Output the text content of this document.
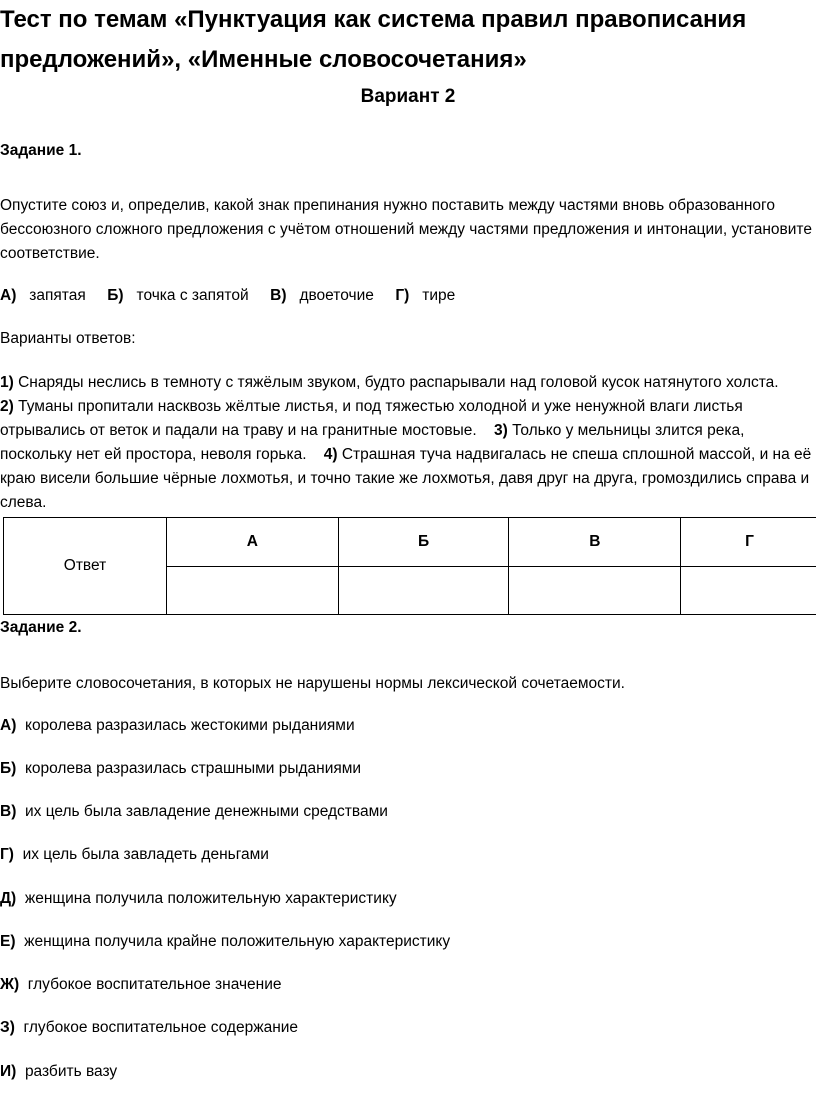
Тест по темам «Пунктуация как система правил правописания предложений», «Именные словосочетания»
Вариант 2
Задание 1.
Опустите союз и, определив, какой знак препинания нужно поставить между частями вновь образованного бессоюзного сложного предложения с учётом отношений между частями предложения и интонации, установите соответствие.
А) запятая Б) точка с запятой В) двоеточие Г) тире
Варианты ответов:
1) Снаряды неслись в темноту с тяжёлым звуком, будто распарывали над головой кусок натянутого холста.
2) Туманы пропитали насквозь жёлтые листья, и под тяжестью холодной и уже ненужной влаги листья отрывались от веток и падали на траву и на гранитные мостовые. 3) Только у мельницы злится река, поскольку нет ей простора, неволя горька. 4) Страшная туча надвигалась не спеша сплошной массой, и на её краю висели большие чёрные лохмотья, и точно такие же лохмотья, давя друг на друга, громоздились справа и слева.
Ответ	А	Б	В	Г

Задание 2.
Выберите словосочетания, в которых не нарушены нормы лексической сочетаемости.
А) королева разразилась жестокими рыданиями
Б) королева разразилась страшными рыданиями
В) их цель была завладение денежными средствами
Г) их цель была завладеть деньгами
Д) женщина получила положительную характеристику
Е) женщина получила крайне положительную характеристику
Ж) глубокое воспитательное значение
З) глубокое воспитательное содержание
И) разбить вазу
